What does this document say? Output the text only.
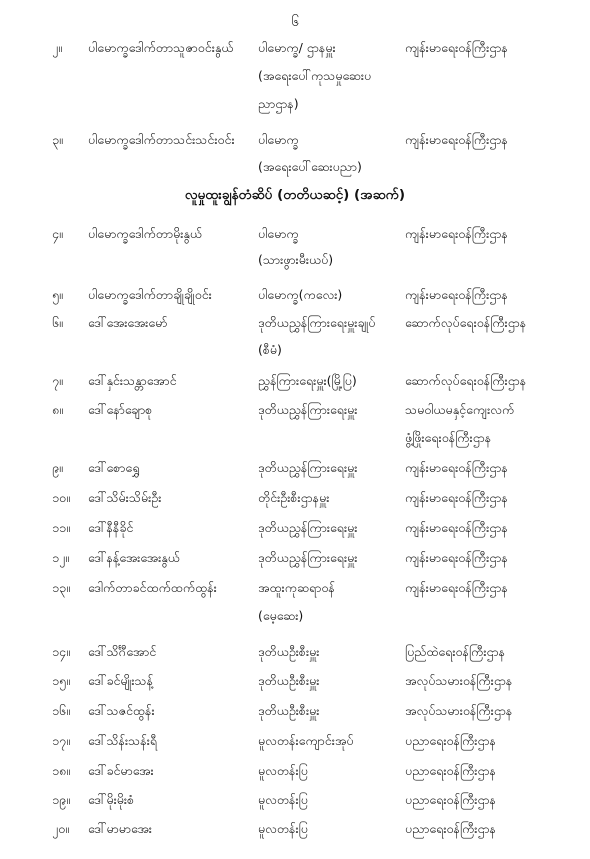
၆
၂။	ပါမောက္ခဒေါက်တာသူဇာဝင်းနွယ်	ပါမောက္ခ/ ဌာနမှူး	ကျန်းမာရေးဝန်ကြီးဌာန
(အရေးပေါ်ကုသမှုဆေးပ
ညာဌာန)
၃။	ပါမောက္ခဒေါက်တာသင်းသင်းဝင်း	ပါမောက္ခ	ကျန်းမာရေးဝန်ကြီးဌာန
(အရေးပေါ်ဆေးပညာ)
လူမှုထူးချွန်တံဆိပ် (တတိယဆင့်) (အဆက်)
၄။	ပါမောက္ခဒေါက်တာမိုးနွယ်	ပါမောက္ခ	ကျန်းမာရေးဝန်ကြီးဌာန
(သားဖွားမီးယပ်)
၅။	ပါမောက္ခဒေါက်တာချိုချိုဝင်း	ပါမောက္ခ(ကလေး)	ကျန်းမာရေးဝန်ကြီးဌာန
၆။	ဒေါ်အေးအေးမော်	ဒုတိယညွှန်ကြားရေးမှူးချုပ်	ဆောက်လုပ်ရေးဝန်ကြီးဌာန
(စီမံ)
၇။	ဒေါ်နှင်းသန္တာအောင်	ညွှန်ကြားရေးမှူး(မြို့ပြ)	ဆောက်လုပ်ရေးဝန်ကြီးဌာန
၈။	ဒေါ်နော်ချောစု	ဒုတိယညွှန်ကြားရေးမှူး	သမဝါယမနှင့်ကျေးလက်
ဖွံ့ဖြိုးရေးဝန်ကြီးဌာန
၉။	ဒေါ်စောရွှေ	ဒုတိယညွှန်ကြားရေးမှူး	ကျန်းမာရေးဝန်ကြီးဌာန
၁၀။	ဒေါ်သိမ်းသိမ်းဦး	တိုင်းဦးစီးဌာနမှူး	ကျန်းမာရေးဝန်ကြီးဌာန
၁၁။	ဒေါ်နီနီခိုင်	ဒုတိယညွှန်ကြားရေးမှူး	ကျန်းမာရေးဝန်ကြီးဌာန
၁၂။	ဒေါ်နန့်အေးအေးနွယ်	ဒုတိယညွှန်ကြားရေးမှူး	ကျန်းမာရေးဝန်ကြီးဌာန
၁၃။	ဒေါက်တာခင်ထက်ထက်ထွန်း	အထူးကုဆရာဝန်	ကျန်းမာရေးဝန်ကြီးဌာန
(မေ့ဆေး)
၁၄။	ဒေါ်သိင်္ဂီအောင်	ဒုတိယဦးစီးမှူး	ပြည်ထဲရေးဝန်ကြီးဌာန
၁၅။	ဒေါ်ခင်မျိုးသန့်	ဒုတိယဦးစီးမှူး	အလုပ်သမားဝန်ကြီးဌာန
၁၆။	ဒေါ်သဇင်ထွန်း	ဒုတိယဦးစီးမှူး	အလုပ်သမားဝန်ကြီးဌာန
၁၇။	ဒေါ်သိန်းသန်းရီ	မူလတန်းကျောင်းအုပ်	ပညာရေးဝန်ကြီးဌာန
၁၈။	ဒေါ်ခင်မာအေး	မူလတန်းပြ	ပညာရေးဝန်ကြီးဌာန
၁၉။	ဒေါ်မိုးမိုးစံ	မူလတန်းပြ	ပညာရေးဝန်ကြီးဌာန
၂၀။	ဒေါ်မာမာအေး	မူလတန်းပြ	ပညာရေးဝန်ကြီးဌာန
